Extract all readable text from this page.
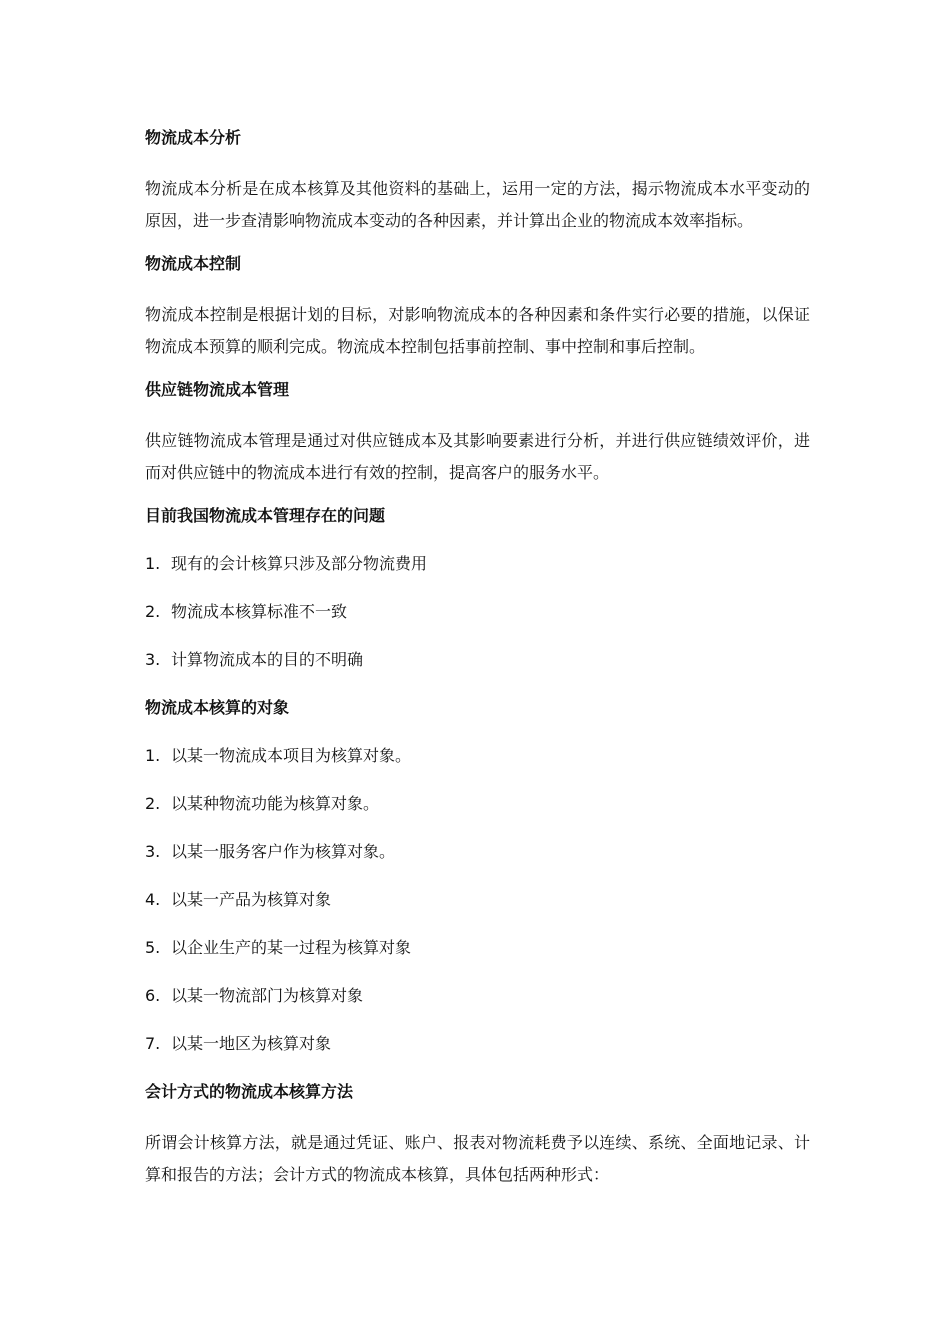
物流成本分析
物流成本分析是在成本核算及其他资料的基础上，运用一定的方法，揭示物流成本水平变动的原因，进一步查清影响物流成本变动的各种因素，并计算出企业的物流成本效率指标。
物流成本控制
物流成本控制是根据计划的目标，对影响物流成本的各种因素和条件实行必要的措施，以保证物流成本预算的顺利完成。物流成本控制包括事前控制、事中控制和事后控制。
供应链物流成本管理
供应链物流成本管理是通过对供应链成本及其影响要素进行分析，并进行供应链绩效评价，进而对供应链中的物流成本进行有效的控制，提高客户的服务水平。
目前我国物流成本管理存在的问题
1. 现有的会计核算只涉及部分物流费用
2. 物流成本核算标准不一致
3. 计算物流成本的目的不明确
物流成本核算的对象
1. 以某一物流成本项目为核算对象。
2. 以某种物流功能为核算对象。
3. 以某一服务客户作为核算对象。
4. 以某一产品为核算对象
5. 以企业生产的某一过程为核算对象
6. 以某一物流部门为核算对象
7. 以某一地区为核算对象
会计方式的物流成本核算方法
所谓会计核算方法，就是通过凭证、账户、报表对物流耗费予以连续、系统、全面地记录、计算和报告的方法；会计方式的物流成本核算，具体包括两种形式：
